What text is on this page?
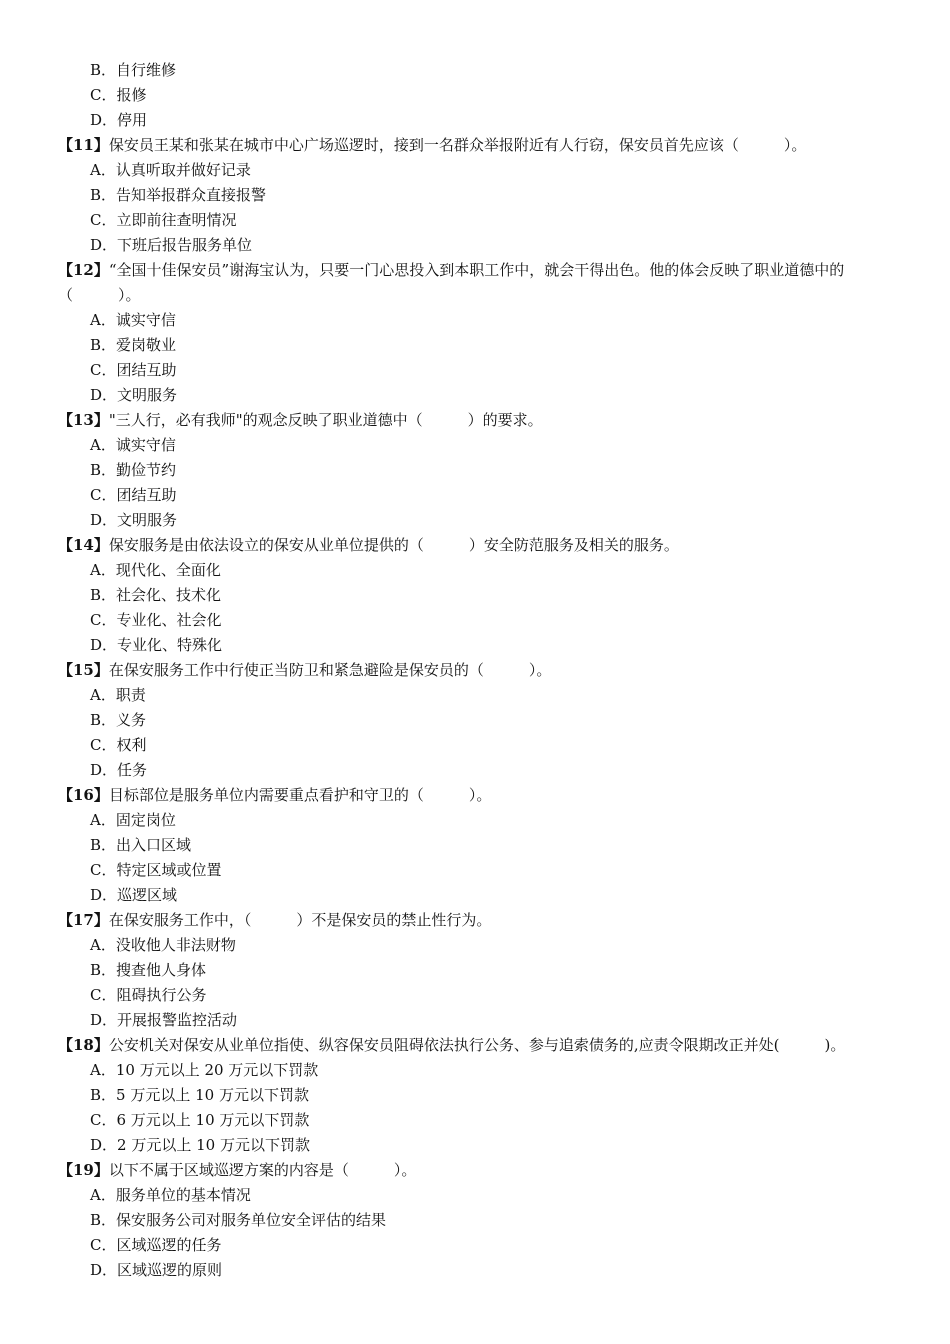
B．自行维修
C．报修
D．停用
【11】保安员王某和张某在城市中心广场巡逻时，接到一名群众举报附近有人行窃，保安员首先应该（　　　）。
A．认真听取并做好记录
B．告知举报群众直接报警
C．立即前往查明情况
D．下班后报告服务单位
【12】“全国十佳保安员”谢海宝认为，只要一门心思投入到本职工作中，就会干得出色。他的体会反映了职业道德中的（　　　）。
A．诚实守信
B．爱岗敬业
C．团结互助
D．文明服务
【13】"三人行，必有我师"的观念反映了职业道德中（　　　）的要求。
A．诚实守信
B．勤俭节约
C．团结互助
D．文明服务
【14】保安服务是由依法设立的保安从业单位提供的（　　　）安全防范服务及相关的服务。
A．现代化、全面化
B．社会化、技术化
C．专业化、社会化
D．专业化、特殊化
【15】在保安服务工作中行使正当防卫和紧急避险是保安员的（　　　）。
A．职责
B．义务
C．权利
D．任务
【16】目标部位是服务单位内需要重点看护和守卫的（　　　）。
A．固定岗位
B．出入口区域
C．特定区域或位置
D．巡逻区域
【17】在保安服务工作中，（　　　）不是保安员的禁止性行为。
A．没收他人非法财物
B．搜查他人身体
C．阻碍执行公务
D．开展报警监控活动
【18】公安机关对保安从业单位指使、纵容保安员阻碍依法执行公务、参与追索债务的,应责令限期改正并处(　　　)。
A．10 万元以上 20 万元以下罚款
B．5 万元以上 10 万元以下罚款
C．6 万元以上 10 万元以下罚款
D．2 万元以上 10 万元以下罚款
【19】以下不属于区域巡逻方案的内容是（　　　）。
A．服务单位的基本情况
B．保安服务公司对服务单位安全评估的结果
C．区域巡逻的任务
D．区域巡逻的原则
